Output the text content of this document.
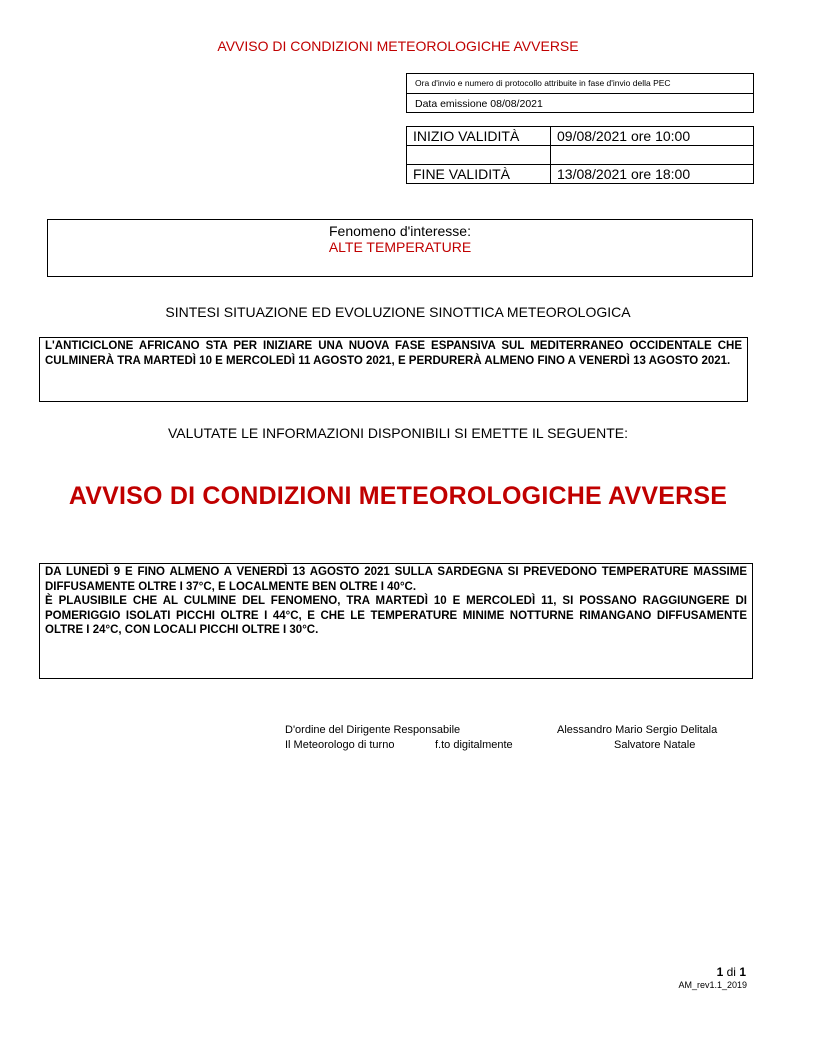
AVVISO DI CONDIZIONI METEOROLOGICHE AVVERSE
Ora d'invio e numero di protocollo attribuite in fase d'invio della PEC
Data emissione 08/08/2021
INIZIO VALIDITÀ	09/08/2021 ore 10:00

FINE VALIDITÀ	13/08/2021 ore 18:00
Fenomeno d'interesse:
ALTE TEMPERATURE
SINTESI SITUAZIONE ED EVOLUZIONE SINOTTICA METEOROLOGICA
L'ANTICICLONE AFRICANO STA PER INIZIARE UNA NUOVA FASE ESPANSIVA SUL MEDITERRANEO OCCIDENTALE CHE CULMINERÀ TRA MARTEDÌ 10 E MERCOLEDÌ 11 AGOSTO 2021, E PERDURERÀ ALMENO FINO A VENERDÌ 13 AGOSTO 2021.
VALUTATE LE INFORMAZIONI DISPONIBILI SI EMETTE IL SEGUENTE:
AVVISO DI CONDIZIONI METEOROLOGICHE AVVERSE
DA LUNEDÌ 9 E FINO ALMENO A VENERDÌ 13 AGOSTO 2021 SULLA SARDEGNA SI PREVEDONO TEMPERATURE MASSIME DIFFUSAMENTE OLTRE I 37°C, E LOCALMENTE BEN OLTRE I 40°C.
È PLAUSIBILE CHE AL CULMINE DEL FENOMENO, TRA MARTEDÌ 10 E MERCOLEDÌ 11, SI POSSANO RAGGIUNGERE DI POMERIGGIO ISOLATI PICCHI OLTRE I 44°C, E CHE LE TEMPERATURE MINIME NOTTURNE RIMANGANO DIFFUSAMENTE OLTRE I 24°C, CON LOCALI PICCHI OLTRE I 30°C.
D'ordine del Dirigente Responsabile	Alessandro Mario Sergio Delitala
Il Meteorologo di turno	f.to digitalmente	Salvatore Natale
1 di 1
AM_rev1.1_2019
